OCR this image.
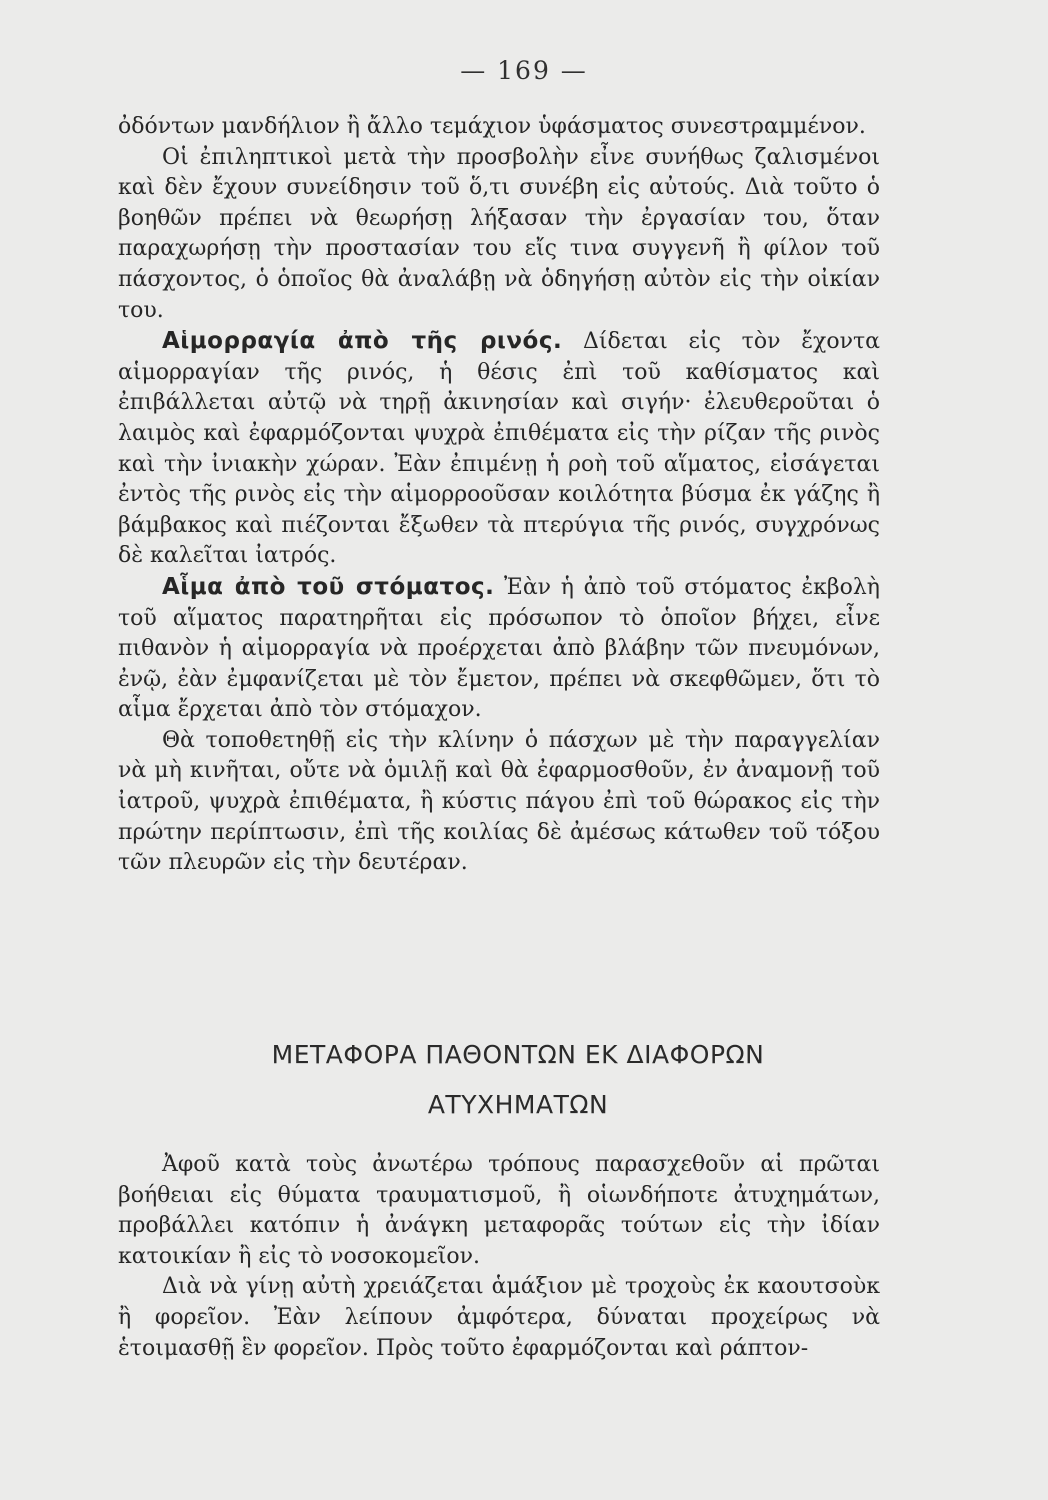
— 169 —

ὀδόντων μανδήλιον ἢ ἄλλο τεμάχιον ὑφάσματος συνεστραμμένον.

Οἱ ἐπιληπτικοὶ μετὰ τὴν προσβολὴν εἶνε συνήθως ζαλισμένοι καὶ δὲν ἔχουν συνείδησιν τοῦ ὅ,τι συνέβη εἰς αὐτούς. Διὰ τοῦτο ὁ βοηθῶν πρέπει νὰ θεωρήσῃ λήξασαν τὴν ἐργασίαν του, ὅταν παραχωρήσῃ τὴν προστασίαν του εἴς τινα συγγενῆ ἢ φίλον τοῦ πάσχοντος, ὁ ὁποῖος θὰ ἀναλάβῃ νὰ ὁδηγήσῃ αὐτὸν εἰς τὴν οἰκίαν του.

Αἱμορραγία ἀπὸ τῆς ρινός. Δίδεται εἰς τὸν ἔχοντα αἱμορραγίαν τῆς ρινός, ἡ θέσις ἐπὶ τοῦ καθίσματος καὶ ἐπιβάλλεται αὐτῷ νὰ τηρῇ ἀκινησίαν καὶ σιγήν· ἐλευθεροῦται ὁ λαιμὸς καὶ ἐφαρμόζονται ψυχρὰ ἐπιθέματα εἰς τὴν ρίζαν τῆς ρινὸς καὶ τὴν ἰνιακὴν χώραν. Ἐὰν ἐπιμένῃ ἡ ροὴ τοῦ αἵματος, εἰσάγεται ἐντὸς τῆς ρινὸς εἰς τὴν αἱμορροοῦσαν κοιλότητα βύσμα ἐκ γάζης ἢ βάμβακος καὶ πιέζονται ἔξωθεν τὰ πτερύγια τῆς ρινός, συγχρόνως δὲ καλεῖται ἰατρός.

Αἷμα ἀπὸ τοῦ στόματος. Ἐὰν ἡ ἀπὸ τοῦ στόματος ἐκβολὴ τοῦ αἵματος παρατηρῆται εἰς πρόσωπον τὸ ὁποῖον βήχει, εἶνε πιθανὸν ἡ αἱμορραγία νὰ προέρχεται ἀπὸ βλάβην τῶν πνευμόνων, ἐνῷ, ἐὰν ἐμφανίζεται μὲ τὸν ἔμετον, πρέπει νὰ σκεφθῶμεν, ὅτι τὸ αἷμα ἔρχεται ἀπὸ τὸν στόμαχον.

Θὰ τοποθετηθῇ εἰς τὴν κλίνην ὁ πάσχων μὲ τὴν παραγγελίαν νὰ μὴ κινῆται, οὔτε νὰ ὁμιλῇ καὶ θὰ ἐφαρμοσθοῦν, ἐν ἀναμονῇ τοῦ ἰατροῦ, ψυχρὰ ἐπιθέματα, ἢ κύστις πάγου ἐπὶ τοῦ θώρακος εἰς τὴν πρώτην περίπτωσιν, ἐπὶ τῆς κοιλίας δὲ ἀμέσως κάτωθεν τοῦ τόξου τῶν πλευρῶν εἰς τὴν δευτέραν.

ΜΕΤΑΦΟΡΑ ΠΑΘΟΝΤΩΝ ΕΚ ΔΙΑΦΟΡΩΝ
ΑΤΥΧΗΜΑΤΩΝ

Ἀφοῦ κατὰ τοὺς ἀνωτέρω τρόπους παρασχεθοῦν αἱ πρῶται βοήθειαι εἰς θύματα τραυματισμοῦ, ἢ οἱωνδήποτε ἀτυχημάτων, προβάλλει κατόπιν ἡ ἀνάγκη μεταφορᾶς τούτων εἰς τὴν ἰδίαν κατοικίαν ἢ εἰς τὸ νοσοκομεῖον.

Διὰ νὰ γίνῃ αὐτὴ χρειάζεται ἁμάξιον μὲ τροχοὺς ἐκ καουτσοὺκ ἢ φορεῖον. Ἐὰν λείπουν ἀμφότερα, δύναται προχείρως νὰ ἑτοιμασθῇ ἓν φορεῖον. Πρὸς τοῦτο ἐφαρμόζονται καὶ ράπτον-
